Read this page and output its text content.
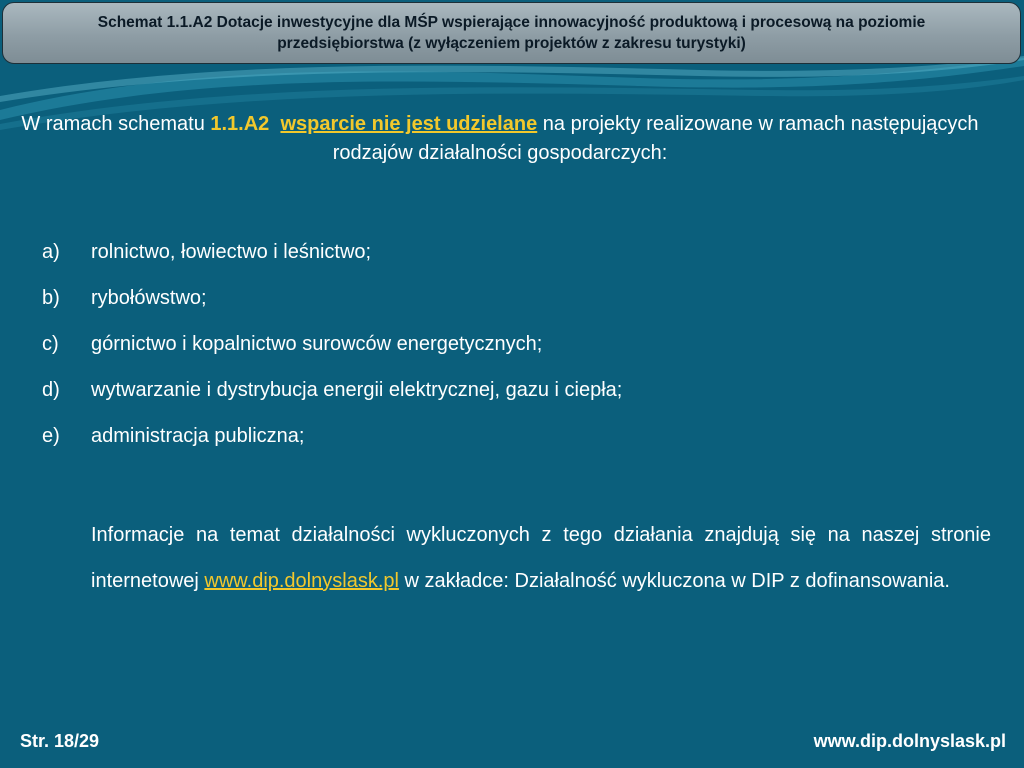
Schemat 1.1.A2 Dotacje inwestycyjne dla MŚP wspierające innowacyjność produktową i procesową na poziomie
przedsiębiorstwa (z wyłączeniem projektów z zakresu turystyki)
W ramach schematu 1.1.A2 wsparcie nie jest udzielane na projekty realizowane w ramach następujących rodzajów działalności gospodarczych:
a)	rolnictwo, łowiectwo i leśnictwo;
b)	rybołówstwo;
c)	górnictwo i kopalnictwo surowców energetycznych;
d)	wytwarzanie i dystrybucja energii elektrycznej, gazu i ciepła;
e)	administracja publiczna;
Informacje na temat działalności wykluczonych z tego działania znajdują się na naszej stronie internetowej www.dip.dolnyslask.pl w zakładce: Działalność wykluczona w DIP z dofinansowania.
Str. 18/29	www.dip.dolnyslask.pl
